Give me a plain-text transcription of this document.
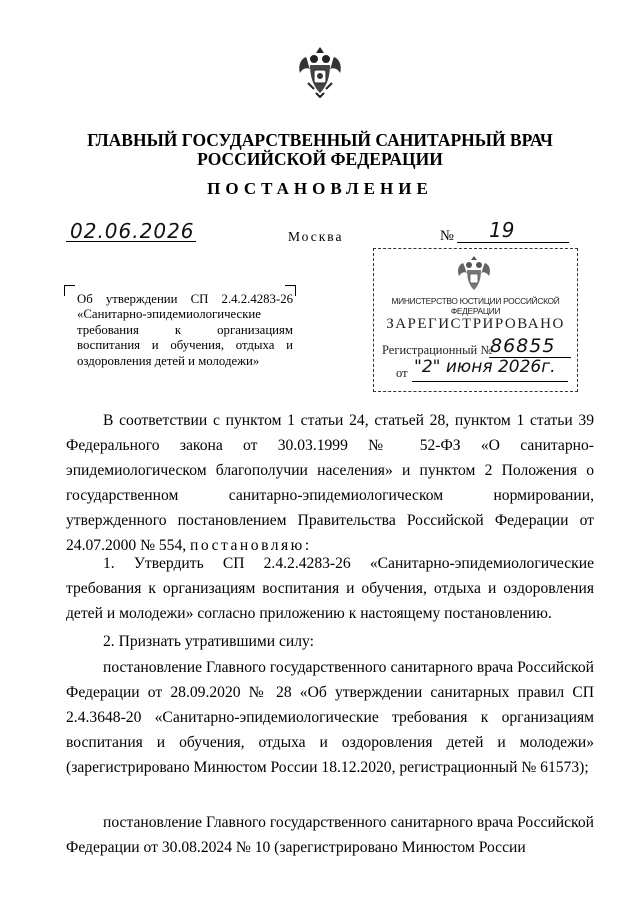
ГЛАВНЫЙ ГОСУДАРСТВЕННЫЙ САНИТАРНЫЙ ВРАЧ
РОССИЙСКОЙ ФЕДЕРАЦИИ
ПОСТАНОВЛЕНИЕ
02.06.2026	Москва	№ 19
Об утверждении СП 2.4.2.4283-26 «Санитарно-эпидемиологические требования к организациям воспитания и обучения, отдыха и оздоровления детей и молодежи»
МИНИСТЕРСТВО ЮСТИЦИИ РОССИЙСКОЙ ФЕДЕРАЦИИ
ЗАРЕГИСТРИРОВАНО
Регистрационный №
86855
от "2" июня 2026г.
В соответствии с пунктом 1 статьи 24, статьей 28, пунктом 1 статьи 39 Федерального закона от 30.03.1999 № 52-ФЗ «О санитарно-эпидемиологическом благополучии населения» и пунктом 2 Положения о государственном санитарно-эпидемиологическом нормировании, утвержденного постановлением Правительства Российской Федерации от 24.07.2000 № 554, постановляю:
1. Утвердить СП 2.4.2.4283-26 «Санитарно-эпидемиологические требования к организациям воспитания и обучения, отдыха и оздоровления детей и молодежи» согласно приложению к настоящему постановлению.
2. Признать утратившими силу:
постановление Главного государственного санитарного врача Российской Федерации от 28.09.2020 № 28 «Об утверждении санитарных правил СП 2.4.3648-20 «Санитарно-эпидемиологические требования к организациям воспитания и обучения, отдыха и оздоровления детей и молодежи» (зарегистрировано Минюстом России 18.12.2020, регистрационный № 61573);
постановление Главного государственного санитарного врача Российской Федерации от 30.08.2024 № 10 (зарегистрировано Минюстом России
